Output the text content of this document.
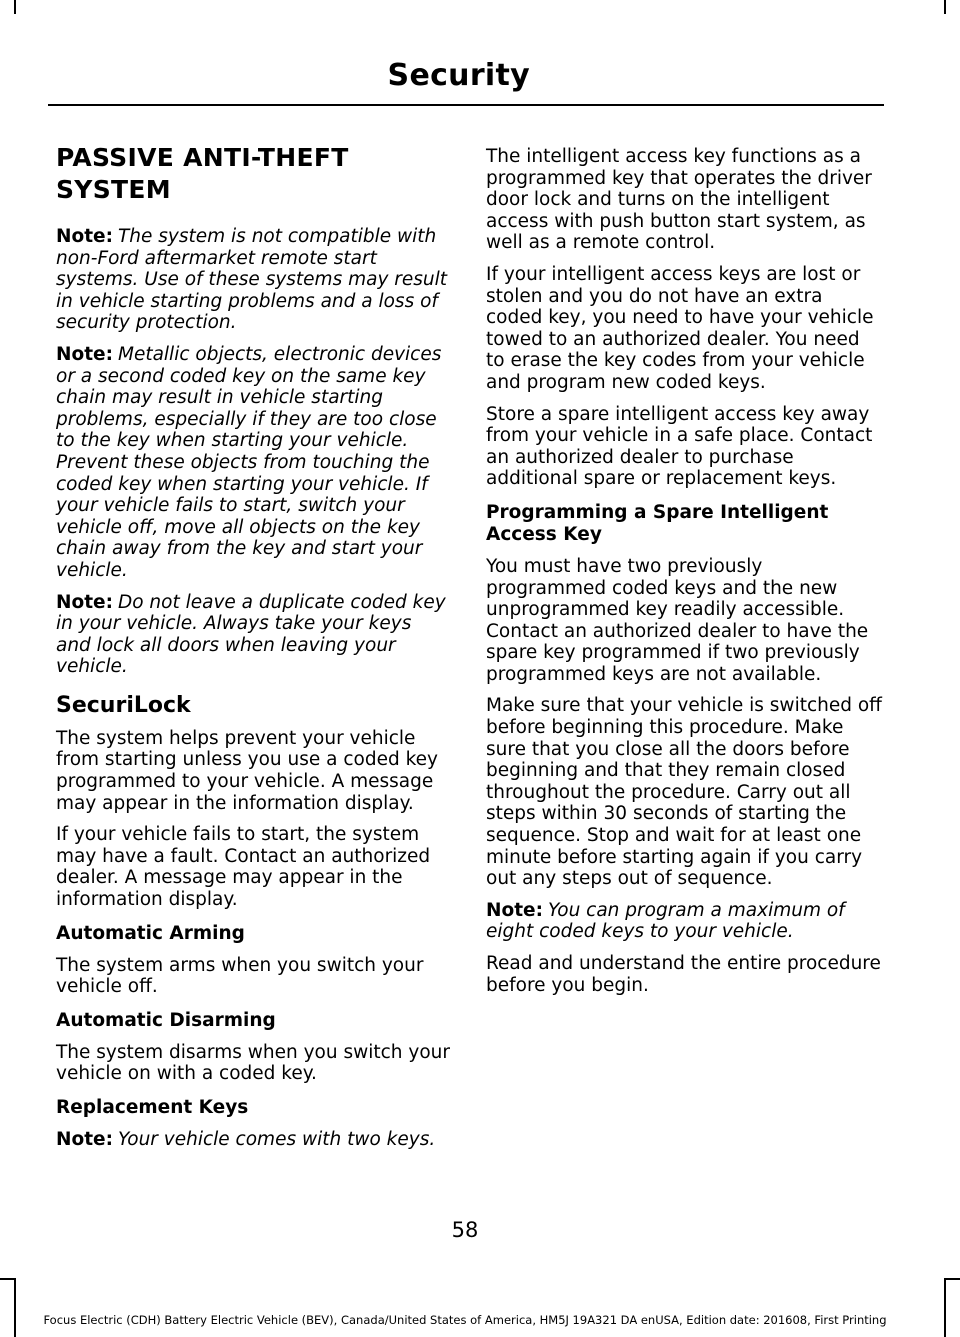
Security
PASSIVE ANTI-THEFT SYSTEM

Note: The system is not compatible with non-Ford aftermarket remote start systems. Use of these systems may result in vehicle starting problems and a loss of security protection.

Note: Metallic objects, electronic devices or a second coded key on the same key chain may result in vehicle starting problems, especially if they are too close to the key when starting your vehicle. Prevent these objects from touching the coded key when starting your vehicle. If your vehicle fails to start, switch your vehicle off, move all objects on the key chain away from the key and start your vehicle.

Note: Do not leave a duplicate coded key in your vehicle. Always take your keys and lock all doors when leaving your vehicle.

SecuriLock

The system helps prevent your vehicle from starting unless you use a coded key programmed to your vehicle. A message may appear in the information display.

If your vehicle fails to start, the system may have a fault. Contact an authorized dealer. A message may appear in the information display.

Automatic Arming

The system arms when you switch your vehicle off.

Automatic Disarming

The system disarms when you switch your vehicle on with a coded key.

Replacement Keys

Note: Your vehicle comes with two keys.

The intelligent access key functions as a programmed key that operates the driver door lock and turns on the intelligent access with push button start system, as well as a remote control.

If your intelligent access keys are lost or stolen and you do not have an extra coded key, you need to have your vehicle towed to an authorized dealer. You need to erase the key codes from your vehicle and program new coded keys.

Store a spare intelligent access key away from your vehicle in a safe place. Contact an authorized dealer to purchase additional spare or replacement keys.

Programming a Spare Intelligent Access Key

You must have two previously programmed coded keys and the new unprogrammed key readily accessible. Contact an authorized dealer to have the spare key programmed if two previously programmed keys are not available.

Make sure that your vehicle is switched off before beginning this procedure. Make sure that you close all the doors before beginning and that they remain closed throughout the procedure. Carry out all steps within 30 seconds of starting the sequence. Stop and wait for at least one minute before starting again if you carry out any steps out of sequence.

Note: You can program a maximum of eight coded keys to your vehicle.

Read and understand the entire procedure before you begin.

58
Focus Electric (CDH) Battery Electric Vehicle (BEV), Canada/United States of America, HM5J 19A321 DA enUSA, Edition date: 201608, First Printing
